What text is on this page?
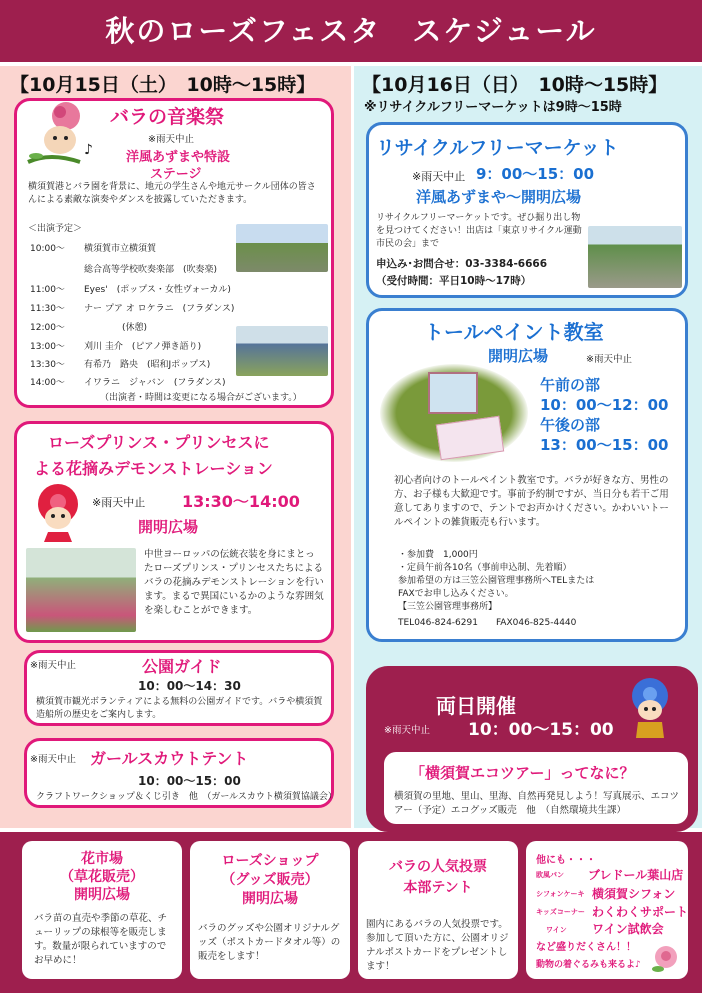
秋のローズフェスタ　スケジュール
【10月15日（土）　10時～15時】
♪
バラの音楽祭
※雨天中止
洋風あずまや特設
ステージ
横須賀港とバラ園を背景に、地元の学生さんや地元サークル団体の皆さんによる素敵な演奏やダンスを披露していただきます。
＜出演予定＞
10:00～	横須賀市立横須賀
総合高等学校吹奏楽部　(吹奏楽)
11:00～	Eyes'　(ポップス・女性ヴォーカル)
11:30～	ナー プア オ ロケラニ　(フラダンス)
12:00～	(休憩)
13:00～	刈川 圭介　(ピアノ弾き語り)
13:30～	有希乃　路央　(昭和Jポップス)
14:00～	イワラニ　ジャバン　(フラダンス)
（出演者・時間は変更になる場合がございます。）
ローズプリンス・プリンセスに
よる花摘みデモンストレーション
※雨天中止 13:30～14:00
開明広場
中世ヨーロッパの伝統衣装を身にまとったローズプリンス・プリンセスたちによるバラの花摘みデモンストレーションを行います。まるで異国にいるかのような雰囲気を楽しむことができます。
※雨天中止	公園ガイド
10：00～14：30
横須賀市観光ボランティアによる無料の公園ガイドです。バラや横須賀造船所の歴史をご案内します。
※雨天中止 ガールスカウトテント
10：00～15：00
クラフトワークショップ＆くじ引き　他　（ガールスカウト横須賀協議会）
【10月16日（日）　10時～15時】
※リサイクルフリーマーケットは9時～15時
リサイクルフリーマーケット
※雨天中止 9：00～15：00
洋風あずまや～開明広場
リサイクルフリーマーケットです。ぜひ掘り出し物を見つけてください！出店は「東京リサイクル運動市民の会」まで
申込み･お問合せ：03-3384-6666
（受付時間：平日10時～17時）
トールペイント教室
開明広場	※雨天中止
午前の部
10：00～12：00
午後の部
13：00～15：00
初心者向けのトールペイント教室です。バラが好きな方、男性の方、お子様も大歓迎です。事前予約制ですが、当日分も若干ご用意してありますので、テントでお声かけください。かわいいトールペイントの雑貨販売も行います。
・参加費　1,000円
・定員午前各10名（事前申込制、先着順）
参加希望の方は三笠公園管理事務所へTELまたは
FAXでお申し込みください。
【三笠公園管理事務所】
TEL046-824-6291　　FAX046-825-4440
両日開催
※雨天中止 10：00～15：00
「横須賀エコツアー」ってなに？
横須賀の里地、里山、里海、自然再発見しよう！写真展示、エコツアー（予定）エコグッズ販売　他　（自然環境共生課）
花市場
（草花販売）
開明広場
バラ苗の直売や季節の草花、チューリップの球根等を販売します。数量が限られていますのでお早めに！
ローズショップ
（グッズ販売）
開明広場
バラのグッズや公園オリジナルグッズ（ポストカードタオル等）の販売をします！
バラの人気投票
本部テント
園内にあるバラの人気投票です。参加して頂いた方に、公園オリジナルポストカードをプレゼントします！
他にも・・・
欧風パン ブレドール葉山店
シフォンケーキ 横須賀シフォン
キッズコーナー わくわくサポート
ワイン ワイン試飲会
など盛りだくさん！！
動物の着ぐるみも来るよ♪
